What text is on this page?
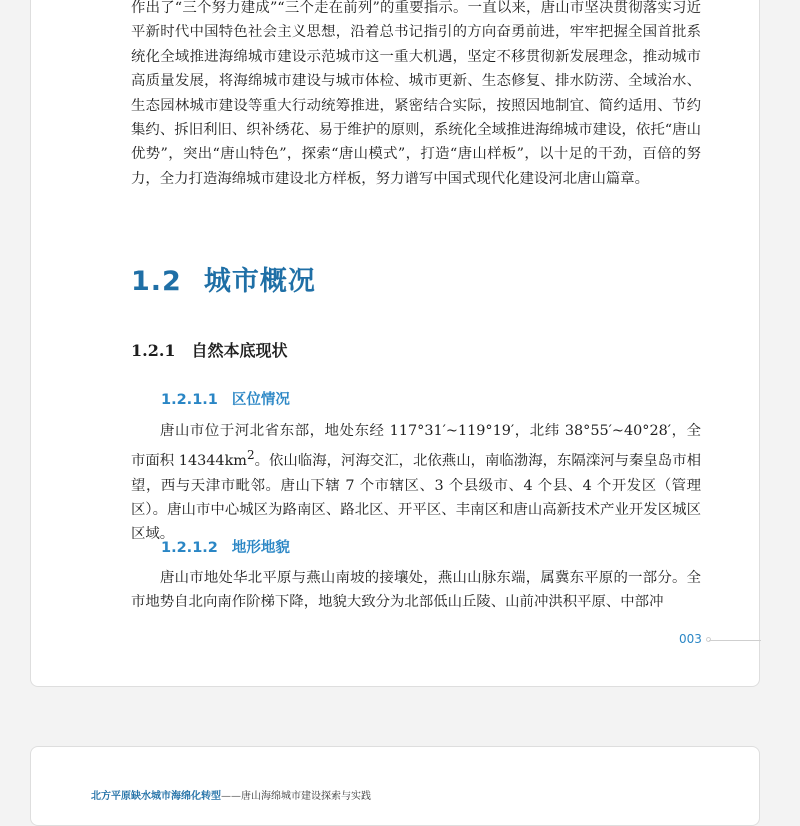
作出了“三个努力建成”“三个走在前列”的重要指示。一直以来，唐山市坚决贯彻落实习近平新时代中国特色社会主义思想，沿着总书记指引的方向奋勇前进，牢牢把握全国首批系统化全域推进海绵城市建设示范城市这一重大机遇，坚定不移贯彻新发展理念，推动城市高质量发展，将海绵城市建设与城市体检、城市更新、生态修复、排水防涝、全域治水、生态园林城市建设等重大行动统筹推进，紧密结合实际，按照因地制宜、简约适用、节约集约、拆旧利旧、织补绣花、易于维护的原则，系统化全域推进海绵城市建设，依托“唐山优势”，突出“唐山特色”，探索“唐山模式”，打造“唐山样板”，以十足的干劲，百倍的努力，全力打造海绵城市建设北方样板，努力谱写中国式现代化建设河北唐山篇章。

1.2 城市概况
1.2.1 自然本底现状
1.2.1.1 区位情况

唐山市位于河北省东部，地处东经 117°31′~119°19′，北纬 38°55′~40°28′，全市面积 $14344km^2$。依山临海，河海交汇，北依燕山，南临渤海，东隔滦河与秦皇岛市相望，西与天津市毗邻。唐山下辖 7 个市辖区、3 个县级市、4 个县、4 个开发区（管理区）。唐山市中心城区为路南区、路北区、开平区、丰南区和唐山高新技术产业开发区城区区域。

1.2.1.2 地形地貌

唐山市地处华北平原与燕山南坡的接壤处，燕山山脉东端，属冀东平原的一部分。全市地势自北向南作阶梯下降，地貌大致分为北部低山丘陵、山前冲洪积平原、中部冲

003
北方平原缺水城市海绵化转型——唐山海绵城市建设探索与实践
